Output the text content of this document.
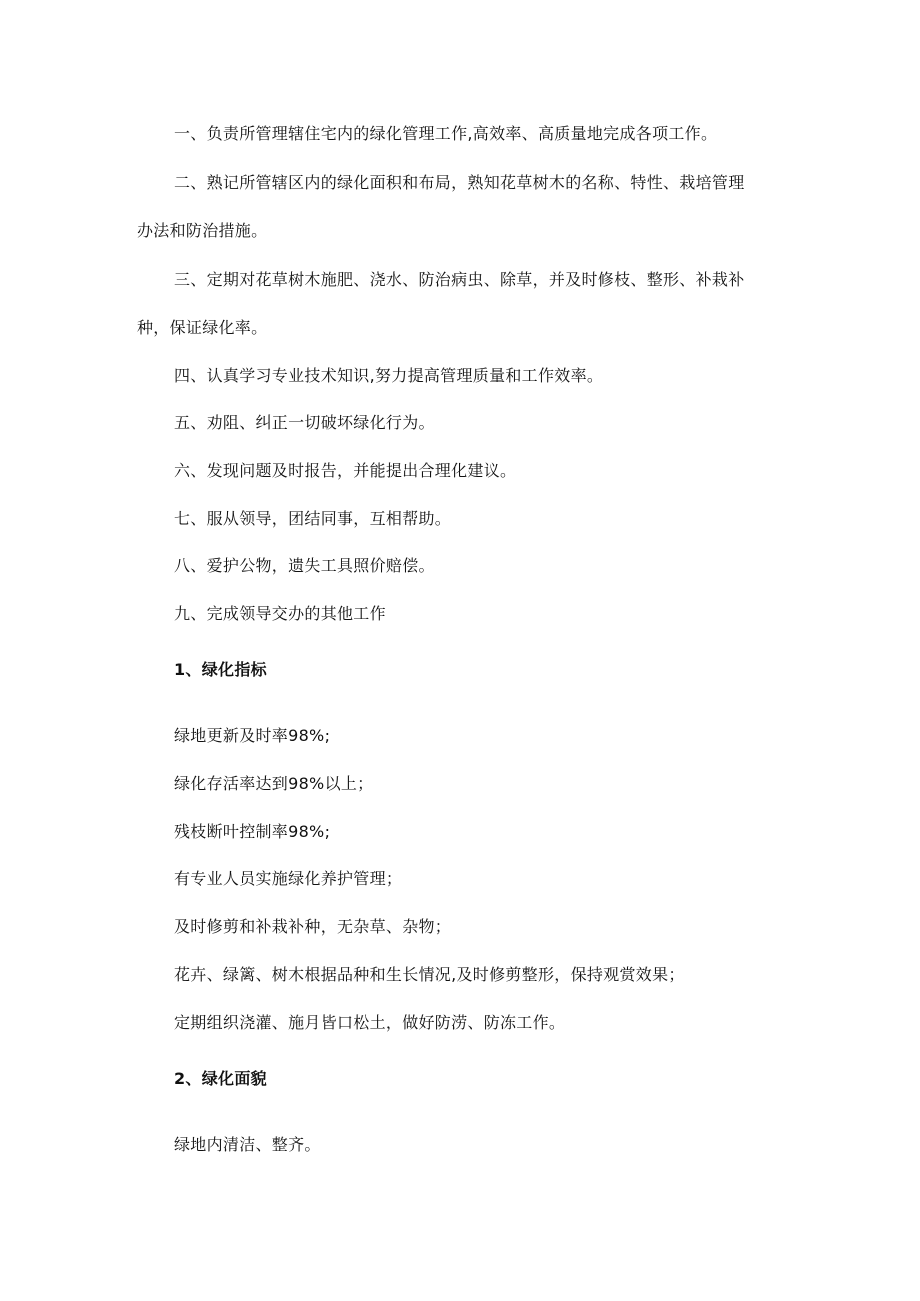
一、负责所管理辖住宅内的绿化管理工作,高效率、高质量地完成各项工作。
二、熟记所管辖区内的绿化面积和布局，熟知花草树木的名称、特性、栽培管理
办法和防治措施。
三、定期对花草树木施肥、浇水、防治病虫、除草，并及时修枝、整形、补栽补
种，保证绿化率。
四、认真学习专业技术知识,努力提高管理质量和工作效率。
五、劝阻、纠正一切破坏绿化行为。
六、发现问题及时报告，并能提出合理化建议。
七、服从领导，团结同事，互相帮助。
八、爱护公物，遗失工具照价赔偿。
九、完成领导交办的其他工作
1、绿化指标
绿地更新及时率98%;
绿化存活率达到98%以上；
残枝断叶控制率98%;
有专业人员实施绿化养护管理；
及时修剪和补栽补种，无杂草、杂物；
花卉、绿篱、树木根据品种和生长情况,及时修剪整形，保持观赏效果；
定期组织浇灌、施月皆口松土，做好防涝、防冻工作。
2、绿化面貌
绿地内清洁、整齐。
